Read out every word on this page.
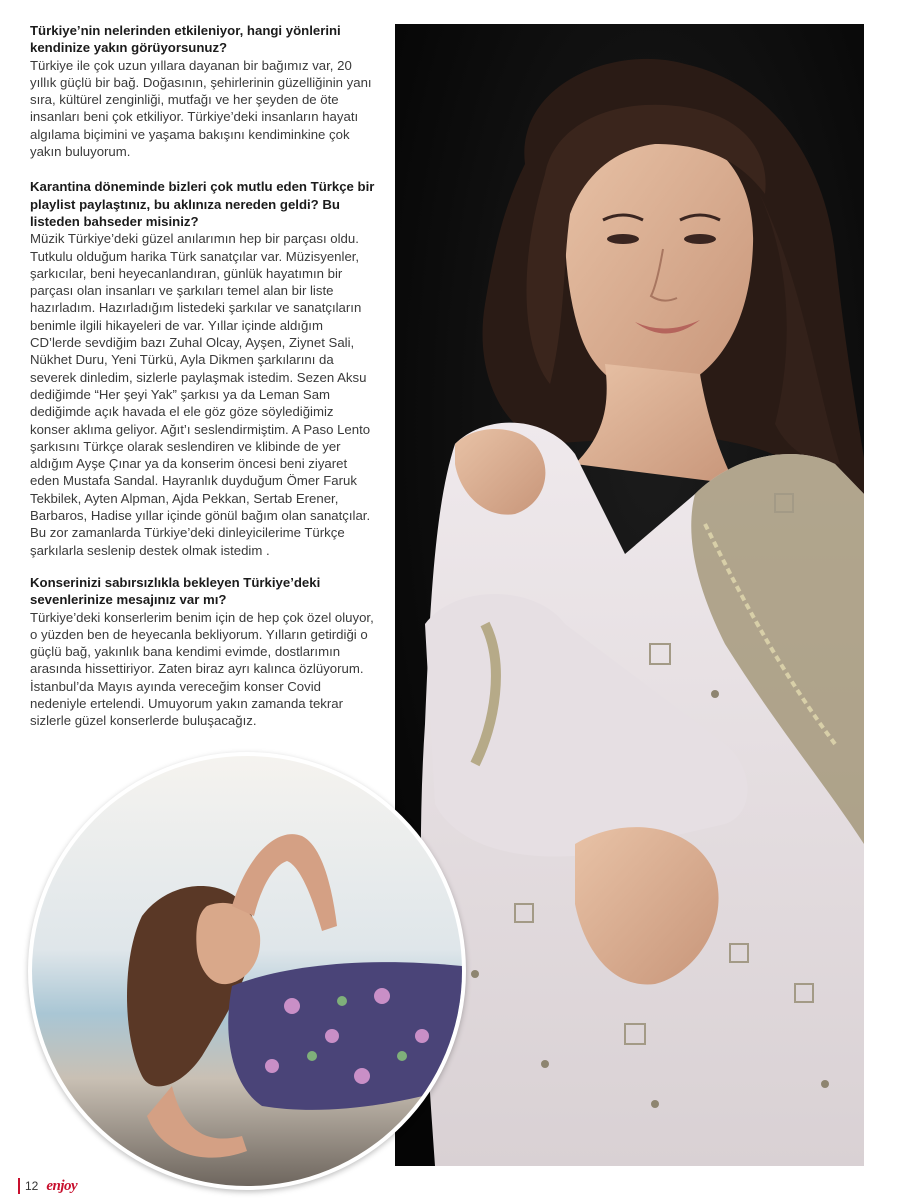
Türkiye’nin nelerinden etkileniyor, hangi yönlerini kendinize yakın görüyorsunuz?

Türkiye ile çok uzun yıllara dayanan bir bağımız var, 20 yıllık güçlü bir bağ. Doğasının, şehirlerinin güzelliğinin yanı sıra, kültürel zenginliği, mutfağı ve her şeyden de öte insanları beni çok etkiliyor. Türkiye’deki insanların hayatı algılama biçimini ve yaşama bakışını kendiminkine çok yakın buluyorum.

Karantina döneminde bizleri çok mutlu eden Türkçe bir playlist paylaştınız, bu aklınıza nereden geldi? Bu listeden bahseder misiniz?

Müzik Türkiye’deki güzel anılarımın hep bir parçası oldu. Tutkulu olduğum harika Türk sanatçılar var. Müzisyenler, şarkıcılar, beni heyecanlandıran, günlük hayatımın bir parçası olan insanları ve şarkıları temel alan bir liste hazırladım. Hazırladığım listedeki şarkılar ve sanatçıların benimle ilgili hikayeleri de var. Yıllar içinde aldığım CD’lerde sevdiğim bazı Zuhal Olcay, Ayşen, Ziynet Sali, Nükhet Duru, Yeni Türkü, Ayla Dikmen şarkılarını da severek dinledim, sizlerle paylaşmak istedim. Sezen Aksu dediğimde “Her şeyi Yak” şarkısı ya da Leman Sam dediğimde açık havada el ele göz göze söylediğimiz konser aklıma geliyor. Ağıt’ı seslendirmiştim. A Paso Lento şarkısını Türkçe olarak seslendiren ve klibinde de yer aldığım Ayşe Çınar ya da konserim öncesi beni ziyaret eden Mustafa Sandal. Hayranlık duyduğum Ömer Faruk Tekbilek, Ayten Alpman, Ajda Pekkan, Sertab Erener, Barbaros, Hadise yıllar içinde gönül bağım olan sanatçılar. Bu zor zamanlarda Türkiye’deki dinleyicilerime Türkçe şarkılarla seslenip destek olmak istedim .

Konserinizi sabırsızlıkla bekleyen Türkiye’deki sevenlerinize mesajınız var mı?

Türkiye’deki konserlerim benim için de hep çok özel oluyor, o yüzden ben de heyecanla bekliyorum. Yılların getirdiği o güçlü bağ, yakınlık bana kendimi evimde, dostlarımın arasında hissettiriyor. Zaten biraz ayrı kalınca özlüyorum. İstanbul’da Mayıs ayında vereceğim konser Covid nedeniyle ertelendi. Umuyorum yakın zamanda tekrar sizlerle güzel konserlerde buluşacağız.

12 enjoy
